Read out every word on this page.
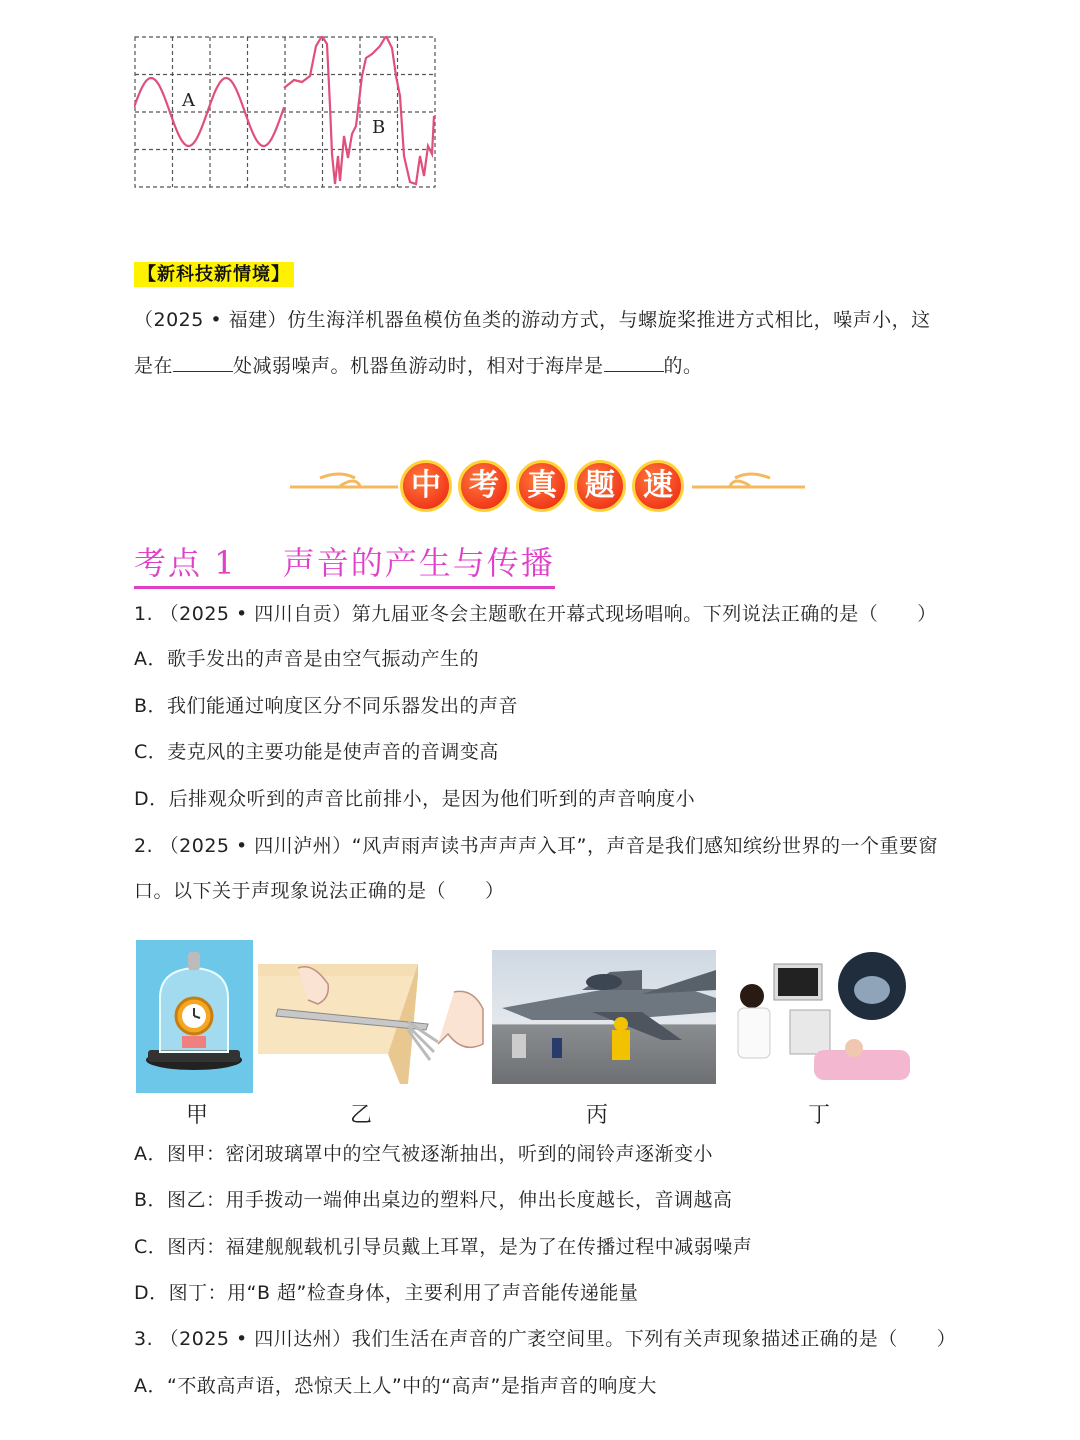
A
B
【新科技新情境】
（2025 • 福建）仿生海洋机器鱼模仿鱼类的游动方式，与螺旋桨推进方式相比，噪声小，这
是在	处减弱噪声。机器鱼游动时，相对于海岸是	的。
中 考 真 题 速
考点 1 　声音的产生与传播
1. （2025 • 四川自贡）第九届亚冬会主题歌在开幕式现场唱响。下列说法正确的是（　　）
A．歌手发出的声音是由空气振动产生的
B．我们能通过响度区分不同乐器发出的声音
C．麦克风的主要功能是使声音的音调变高
D．后排观众听到的声音比前排小，是因为他们听到的声音响度小
2. （2025 • 四川泸州）“风声雨声读书声声声入耳”，声音是我们感知缤纷世界的一个重要窗
口。以下关于声现象说法正确的是（　　）
甲	乙	丙	丁
A．图甲：密闭玻璃罩中的空气被逐渐抽出，听到的闹铃声逐渐变小
B．图乙：用手拨动一端伸出桌边的塑料尺，伸出长度越长，音调越高
C．图丙：福建舰舰载机引导员戴上耳罩，是为了在传播过程中减弱噪声
D．图丁：用“B 超”检查身体，主要利用了声音能传递能量
3. （2025 • 四川达州）我们生活在声音的广袤空间里。下列有关声现象描述正确的是（　　）
A．“不敢高声语，恐惊天上人”中的“高声”是指声音的响度大
